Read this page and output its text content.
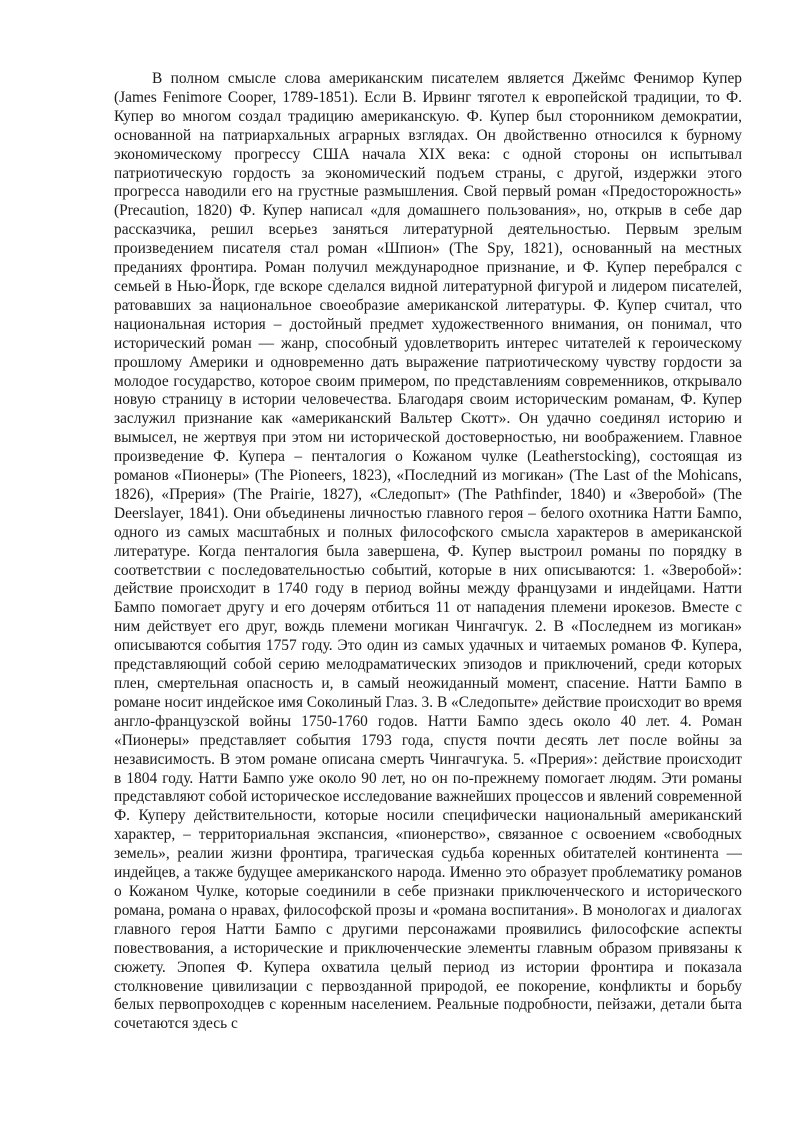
В полном смысле слова американским писателем является Джеймс Фенимор Купер (James Fenimore Cooper, 1789-1851). Если В. Ирвинг тяготел к европейской традиции, то Ф. Купер во многом создал традицию американскую. Ф. Купер был сторонником демократии, основанной на патриархальных аграрных взглядах. Он двойственно относился к бурному экономическому прогрессу США начала XIX века: с одной стороны он испытывал патриотическую гордость за экономический подъем страны, с другой, издержки этого прогресса наводили его на грустные размышления. Свой первый роман «Предосторожность» (Precaution, 1820) Ф. Купер написал «для домашнего пользования», но, открыв в себе дар рассказчика, решил всерьез заняться литературной деятельностью. Первым зрелым произведением писателя стал роман «Шпион» (The Spy, 1821), основанный на местных преданиях фронтира. Роман получил международное признание, и Ф. Купер перебрался с семьей в Нью-Йорк, где вскоре сделался видной литературной фигурой и лидером писателей, ратовавших за национальное своеобразие американской литературы. Ф. Купер считал, что национальная история – достойный предмет художественного внимания, он понимал, что исторический роман — жанр, способный удовлетворить интерес читателей к героическому прошлому Америки и одновременно дать выражение патриотическому чувству гордости за молодое государство, которое своим примером, по представлениям современников, открывало новую страницу в истории человечества. Благодаря своим историческим романам, Ф. Купер заслужил признание как «американский Вальтер Скотт». Он удачно соединял историю и вымысел, не жертвуя при этом ни исторической достоверностью, ни воображением. Главное произведение Ф. Купера – пенталогия о Кожаном чулке (Leatherstocking), состоящая из романов «Пионеры» (The Pioneers, 1823), «Последний из могикан» (The Last of the Mohicans, 1826), «Прерия» (The Prairie, 1827), «Следопыт» (The Pathfinder, 1840) и «Зверобой» (The Deerslayer, 1841). Они объединены личностью главного героя – белого охотника Натти Бампо, одного из самых масштабных и полных философского смысла характеров в американской литературе. Когда пенталогия была завершена, Ф. Купер выстроил романы по порядку в соответствии с последовательностью событий, которые в них описываются: 1. «Зверобой»: действие происходит в 1740 году в период войны между французами и индейцами. Натти Бампо помогает другу и его дочерям отбиться 11 от нападения племени ирокезов. Вместе с ним действует его друг, вождь племени могикан Чингачгук. 2. В «Последнем из могикан» описываются события 1757 году. Это один из самых удачных и читаемых романов Ф. Купера, представляющий собой серию мелодраматических эпизодов и приключений, среди которых плен, смертельная опасность и, в самый неожиданный момент, спасение. Натти Бампо в романе носит индейское имя Соколиный Глаз. 3. В «Следопыте» действие происходит во время англо-французской войны 1750-1760 годов. Натти Бампо здесь около 40 лет. 4. Роман «Пионеры» представляет события 1793 года, спустя почти десять лет после войны за независимость. В этом романе описана смерть Чингачгука. 5. «Прерия»: действие происходит в 1804 году. Натти Бампо уже около 90 лет, но он по-прежнему помогает людям. Эти романы представляют собой историческое исследование важнейших процессов и явлений современной Ф. Куперу действительности, которые носили специфически национальный американский характер, – территориальная экспансия, «пионерство», связанное с освоением «свободных земель», реалии жизни фронтира, трагическая судьба коренных обитателей континента — индейцев, а также будущее американского народа. Именно это образует проблематику романов о Кожаном Чулке, которые соединили в себе признаки приключенческого и исторического романа, романа о нравах, философской прозы и «романа воспитания». В монологах и диалогах главного героя Натти Бампо с другими персонажами проявились философские аспекты повествования, а исторические и приключенческие элементы главным образом привязаны к сюжету. Эпопея Ф. Купера охватила целый период из истории фронтира и показала столкновение цивилизации с первозданной природой, ее покорение, конфликты и борьбу белых первопроходцев с коренным населением. Реальные подробности, пейзажи, детали быта сочетаются здесь с
